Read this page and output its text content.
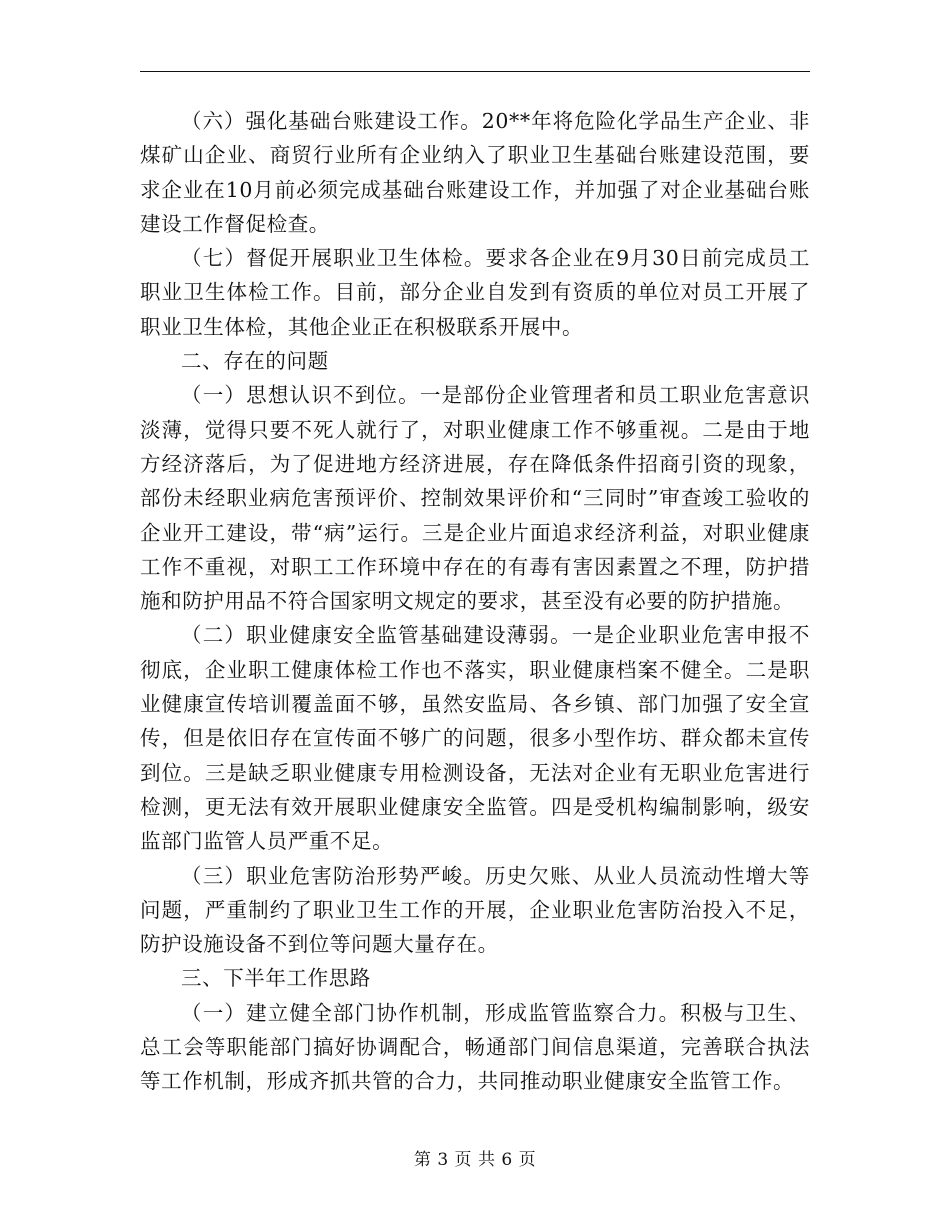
（六）强化基础台账建设工作。20**年将危险化学品生产企业、非煤矿山企业、商贸行业所有企业纳入了职业卫生基础台账建设范围，要求企业在10月前必须完成基础台账建设工作，并加强了对企业基础台账建设工作督促检查。

（七）督促开展职业卫生体检。要求各企业在9月30日前完成员工职业卫生体检工作。目前，部分企业自发到有资质的单位对员工开展了职业卫生体检，其他企业正在积极联系开展中。

二、存在的问题

（一）思想认识不到位。一是部份企业管理者和员工职业危害意识淡薄，觉得只要不死人就行了，对职业健康工作不够重视。二是由于地方经济落后，为了促进地方经济进展，存在降低条件招商引资的现象，部份未经职业病危害预评价、控制效果评价和“三同时”审查竣工验收的企业开工建设，带“病”运行。三是企业片面追求经济利益，对职业健康工作不重视，对职工工作环境中存在的有毒有害因素置之不理，防护措施和防护用品不符合国家明文规定的要求，甚至没有必要的防护措施。

（二）职业健康安全监管基础建设薄弱。一是企业职业危害申报不彻底，企业职工健康体检工作也不落实，职业健康档案不健全。二是职业健康宣传培训覆盖面不够，虽然安监局、各乡镇、部门加强了安全宣传，但是依旧存在宣传面不够广的问题，很多小型作坊、群众都未宣传到位。三是缺乏职业健康专用检测设备，无法对企业有无职业危害进行检测，更无法有效开展职业健康安全监管。四是受机构编制影响，级安监部门监管人员严重不足。

（三）职业危害防治形势严峻。历史欠账、从业人员流动性增大等问题，严重制约了职业卫生工作的开展，企业职业危害防治投入不足，防护设施设备不到位等问题大量存在。

三、下半年工作思路

（一）建立健全部门协作机制，形成监管监察合力。积极与卫生、总工会等职能部门搞好协调配合，畅通部门间信息渠道，完善联合执法等工作机制，形成齐抓共管的合力，共同推动职业健康安全监管工作。

第 3 页 共 6 页
